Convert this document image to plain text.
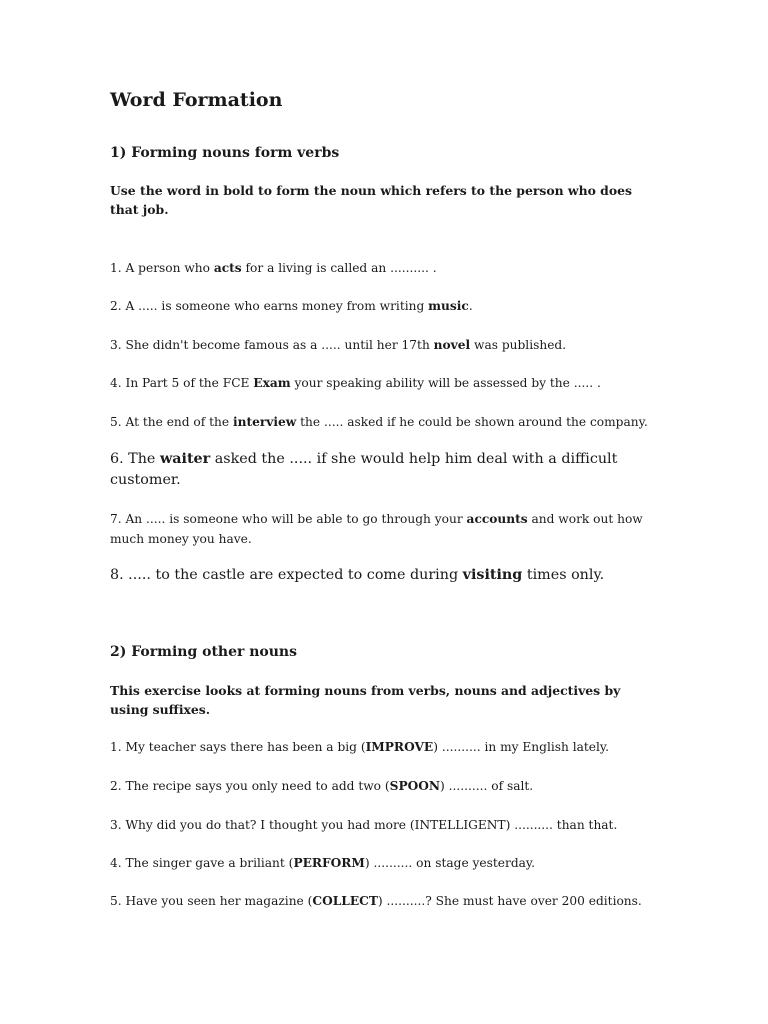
Word Formation
1) Forming nouns form verbs

Use the word in bold to form the noun which refers to the person who does that job.

1. A person who acts for a living is called an .......... .

2. A ..... is someone who earns money from writing music.

3. She didn't become famous as a ..... until her 17th novel was published.

4. In Part 5 of the FCE Exam your speaking ability will be assessed by the ..... .

5. At the end of the interview the ..... asked if he could be shown around the company.

6. The waiter asked the ..... if she would help him deal with a difficult customer.

7. An ..... is someone who will be able to go through your accounts and work out how much money you have.

8. ..... to the castle are expected to come during visiting times only.

2) Forming other nouns

This exercise looks at forming nouns from verbs, nouns and adjectives by using suffixes.

1. My teacher says there has been a big (IMPROVE) .......... in my English lately.

2. The recipe says you only need to add two (SPOON) .......... of salt.

3. Why did you do that? I thought you had more (INTELLIGENT) .......... than that.

4. The singer gave a briliant (PERFORM) .......... on stage yesterday.

5. Have you seen her magazine (COLLECT) ..........? She must have over 200 editions.
